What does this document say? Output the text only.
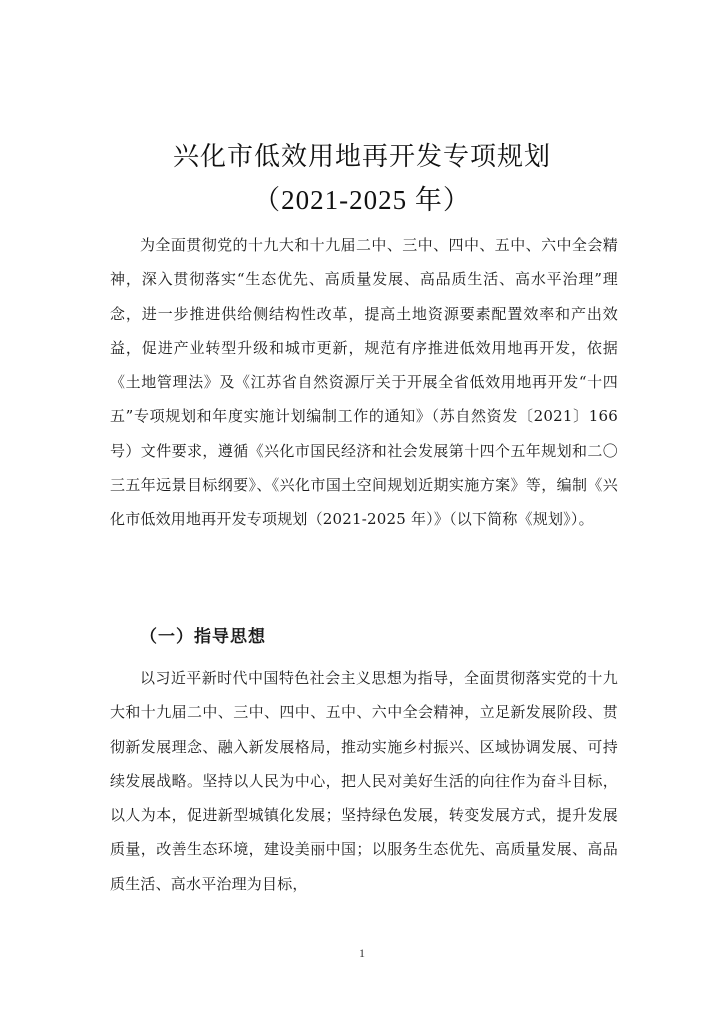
兴化市低效用地再开发专项规划
（2021-2025 年）

为全面贯彻党的十九大和十九届二中、三中、四中、五中、六中全会精神，深入贯彻落实“生态优先、高质量发展、高品质生活、高水平治理”理念，进一步推进供给侧结构性改革，提高土地资源要素配置效率和产出效益，促进产业转型升级和城市更新，规范有序推进低效用地再开发，依据《土地管理法》及《江苏省自然资源厅关于开展全省低效用地再开发“十四五”专项规划和年度实施计划编制工作的通知》（苏自然资发〔2021〕166 号）文件要求，遵循《兴化市国民经济和社会发展第十四个五年规划和二〇三五年远景目标纲要》、《兴化市国土空间规划近期实施方案》等，编制《兴化市低效用地再开发专项规划（2021-2025 年）》（以下简称《规划》）。

（一）指导思想

以习近平新时代中国特色社会主义思想为指导，全面贯彻落实党的十九大和十九届二中、三中、四中、五中、六中全会精神，立足新发展阶段、贯彻新发展理念、融入新发展格局，推动实施乡村振兴、区域协调发展、可持续发展战略。坚持以人民为中心，把人民对美好生活的向往作为奋斗目标，以人为本，促进新型城镇化发展；坚持绿色发展，转变发展方式，提升发展质量，改善生态环境，建设美丽中国；以服务生态优先、高质量发展、高品质生活、高水平治理为目标，

1
